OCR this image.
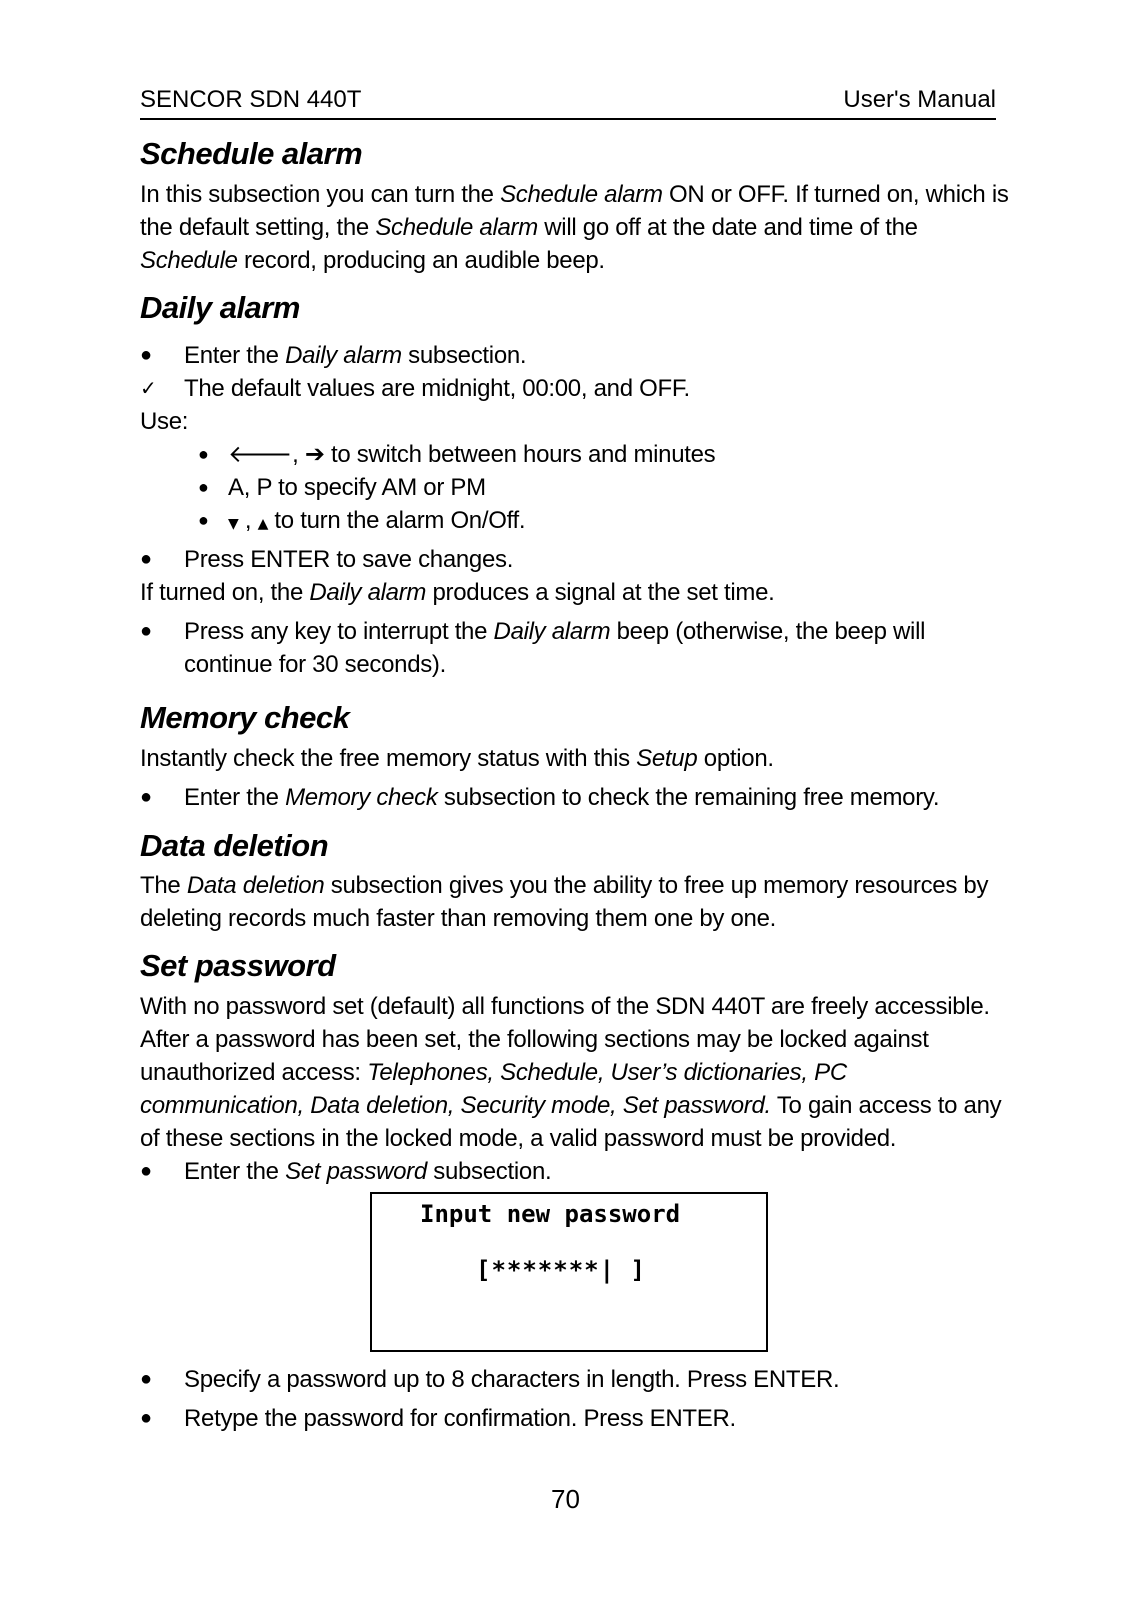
SENCOR SDN 440T	User's Manual
Schedule alarm
In this subsection you can turn the Schedule alarm ON or OFF. If turned on, which is the default setting, the Schedule alarm will go off at the date and time of the Schedule record, producing an audible beep.
Daily alarm
●	Enter the Daily alarm subsection.
✓	The default values are midnight, 00:00, and OFF.
Use:
● 🡐, ➔ to switch between hours and minutes
● A, P to specify AM or PM
● ▼ , ▲ to turn the alarm On/Off.
●	Press ENTER to save changes.
If turned on, the Daily alarm produces a signal at the set time.
●	Press any key to interrupt the Daily alarm beep (otherwise, the beep will continue for 30 seconds).
Memory check
Instantly check the free memory status with this Setup option.
●	Enter the Memory check subsection to check the remaining free memory.
Data deletion
The Data deletion subsection gives you the ability to free up memory resources by deleting records much faster than removing them one by one.
Set password
With no password set (default) all functions of the SDN 440T are freely accessible. After a password has been set, the following sections may be locked against unauthorized access: Telephones, Schedule, User’s dictionaries, PC communication, Data deletion, Security mode, Set password. To gain access to any of these sections in the locked mode, a valid password must be provided.
●	Enter the Set password subsection.
Input new password
[*******| ]
●	Specify a password up to 8 characters in length. Press ENTER.
●	Retype the password for confirmation. Press ENTER.
70
